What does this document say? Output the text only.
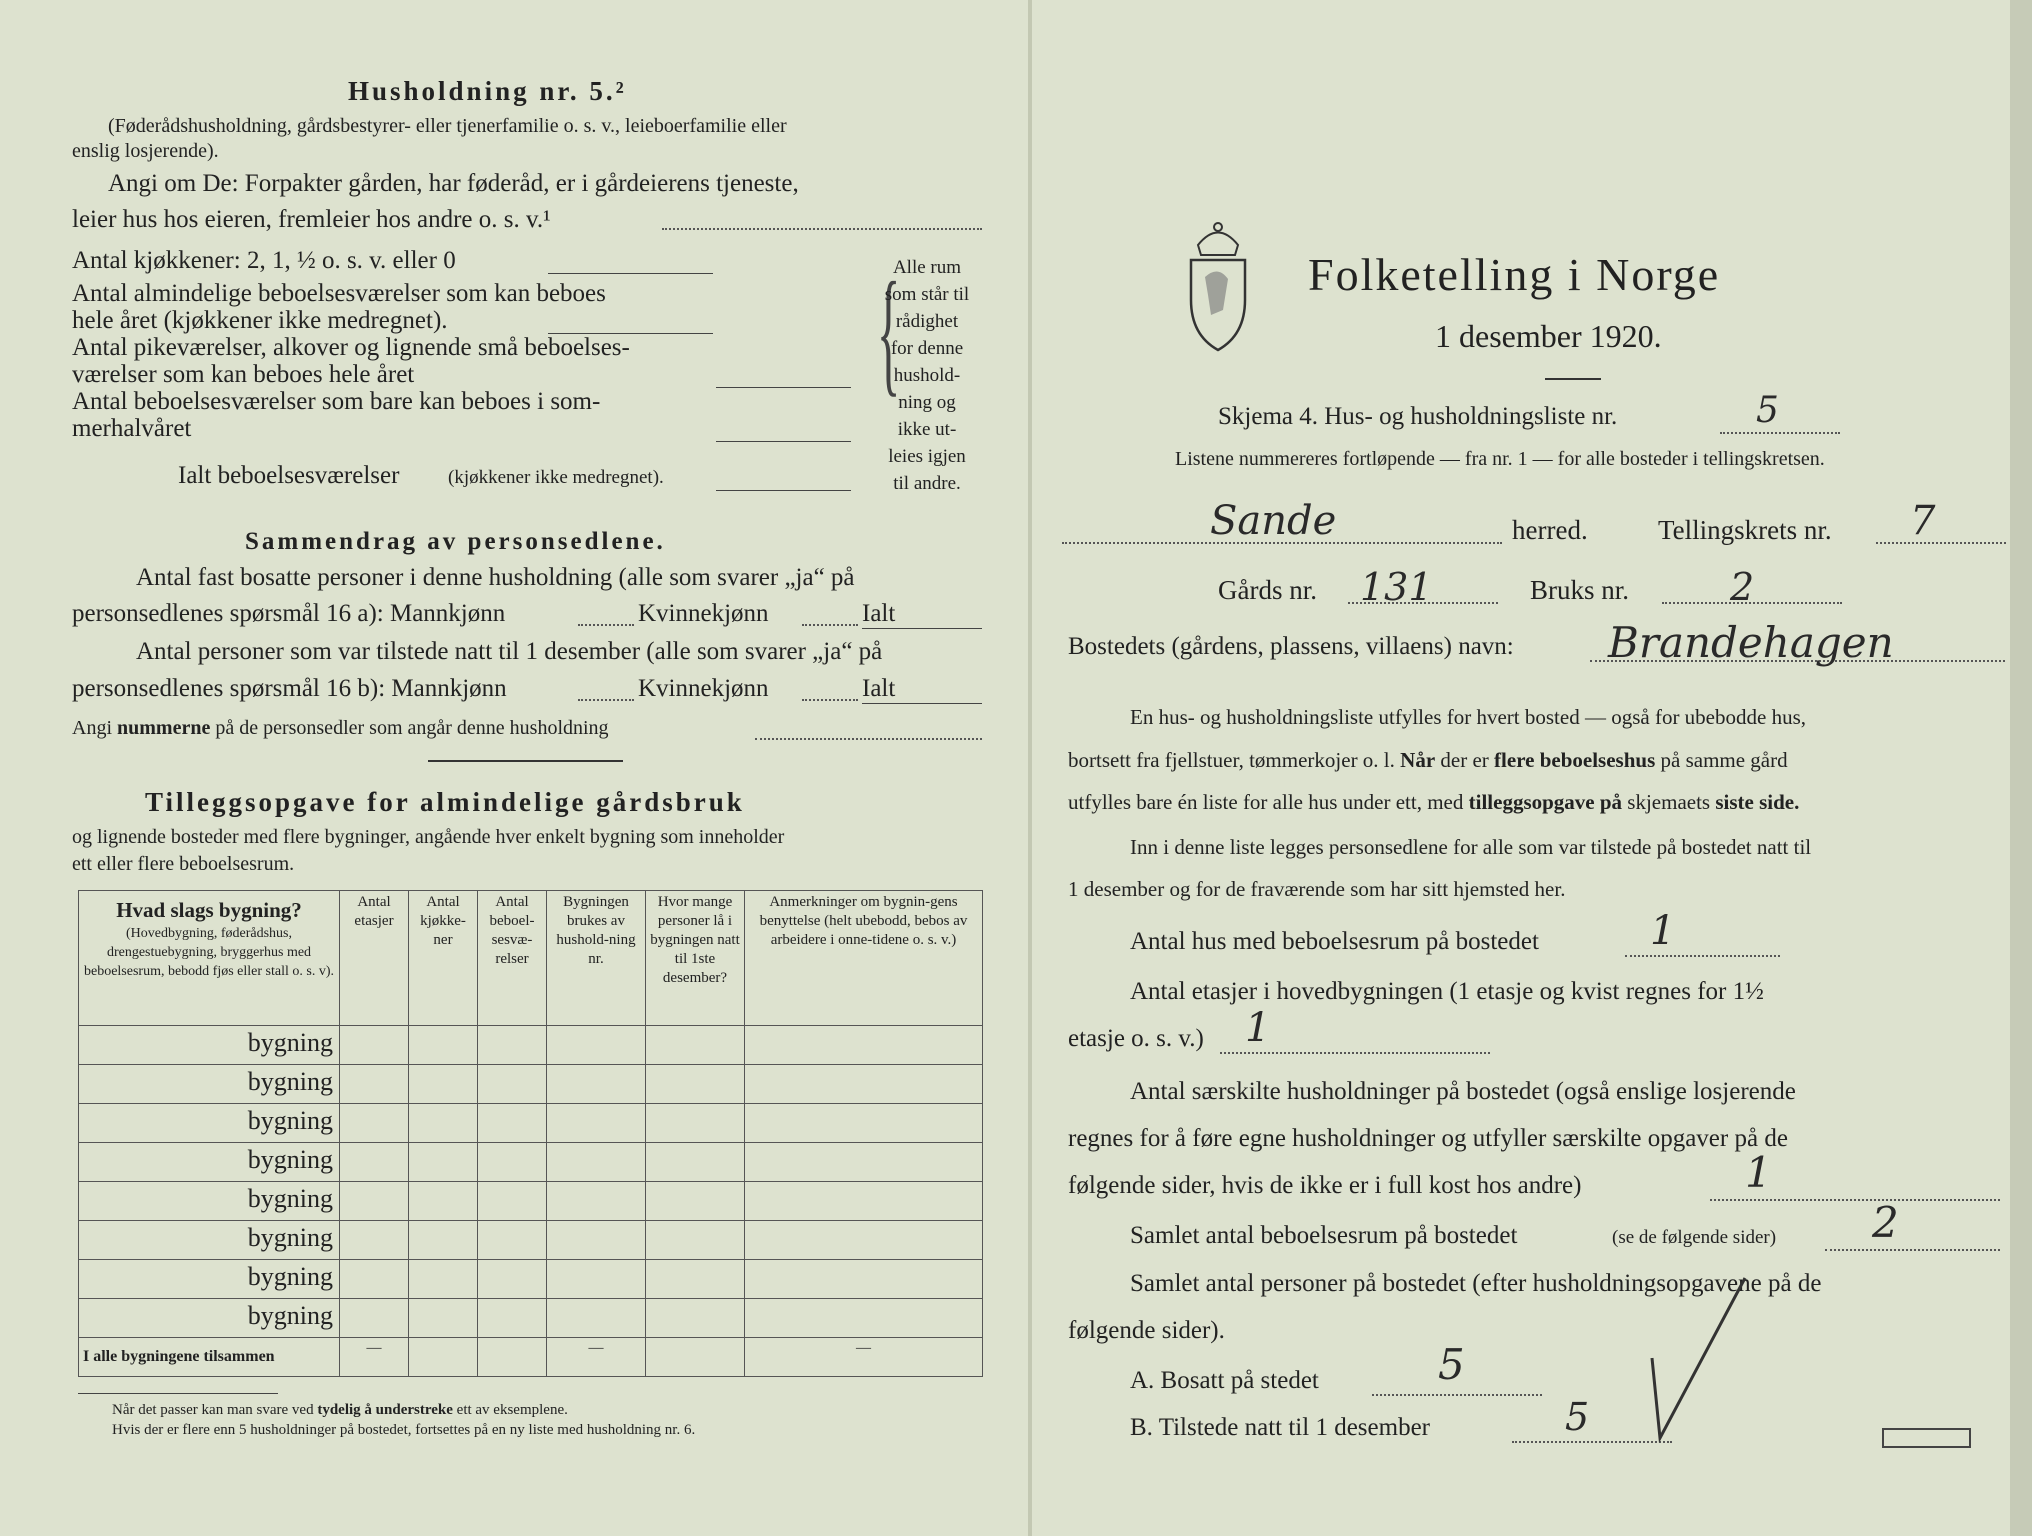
Husholdning nr. 5.²
(Føderådshusholdning, gårdsbestyrer- eller tjenerfamilie o. s. v., leieboerfamilie eller
enslig losjerende).
Angi om De: Forpakter gården, har føderåd, er i gårdeierens tjeneste,
leier hus hos eieren, fremleier hos andre o. s. v.¹
Antal kjøkkener: 2, 1, ½ o. s. v. eller 0
Antal almindelige beboelsesværelser som kan beboes
hele året (kjøkkener ikke medregnet).
Antal pikeværelser, alkover og lignende små beboelses-
værelser som kan beboes hele året
Antal beboelsesværelser som bare kan beboes i som-
merhalvåret
Ialt beboelsesværelser	(kjøkkener ikke medregnet).
{
Alle rum
som står til
rådighet
for denne
hushold-
ning og
ikke ut-
leies igjen
til andre.
Sammendrag av personsedlene.
Antal fast bosatte personer i denne husholdning (alle som svarer „ja“ på
personsedlenes spørsmål 16 a): Mannkjønn	Kvinnekjønn	Ialt
Antal personer som var tilstede natt til 1 desember (alle som svarer „ja“ på
personsedlenes spørsmål 16 b): Mannkjønn	Kvinnekjønn	Ialt
Angi nummerne på de personsedler som angår denne husholdning
Tilleggsopgave for almindelige gårdsbruk
og lignende bosteder med flere bygninger, angående hver enkelt bygning som inneholder
ett eller flere beboelsesrum.
Hvad slags bygning?
(Hovedbygning, føderådshus, drengestuebygning, bryggerhus med beboelsesrum, bebodd fjøs eller stall o. s. v).	Antal etasjer	Antal kjøkke-ner	Antal beboel-sesvæ-relser	Bygningen brukes av hushold-ning nr.	Hvor mange personer lå i bygningen natt til 1ste desember?	Anmerkninger om bygnin-gens benyttelse (helt ubebodd, bebos av arbeidere i onne-tidene o. s. v.)
bygning						
bygning						
bygning						
bygning						
bygning						
bygning						
bygning						
bygning						
I alle bygningene tilsammen	—			—		—
Når det passer kan man svare ved tydelig å understreke ett av eksemplene.
Hvis der er flere enn 5 husholdninger på bostedet, fortsettes på en ny liste med husholdning nr. 6.
Folketelling i Norge
1 desember 1920.
Skjema 4. Hus- og husholdningsliste nr.	5
Listene nummereres fortløpende — fra nr. 1 — for alle bosteder i tellingskretsen.
Sande	herred.	Tellingskrets nr. 7
Gårds nr. 131	Bruks nr.	2
Bostedets (gårdens, plassens, villaens) navn: Brandehagen
En hus- og husholdningsliste utfylles for hvert bosted — også for ubebodde hus,
bortsett fra fjellstuer, tømmerkojer o. l. Når der er flere beboelseshus på samme gård
utfylles bare én liste for alle hus under ett, med tilleggsopgave på skjemaets siste side.
Inn i denne liste legges personsedlene for alle som var tilstede på bostedet natt til
1 desember og for de fraværende som har sitt hjemsted her.
Antal hus med beboelsesrum på bostedet	1
Antal etasjer i hovedbygningen (1 etasje og kvist regnes for 1½
etasje o. s. v.) 1
Antal særskilte husholdninger på bostedet (også enslige losjerende
regnes for å føre egne husholdninger og utfyller særskilte opgaver på de
følgende sider, hvis de ikke er i full kost hos andre)	1
Samlet antal beboelsesrum på bostedet	(se de følgende sider) 2
Samlet antal personer på bostedet (efter husholdningsopgavene på de
følgende sider).
A. Bosatt på stedet	5
B. Tilstede natt til 1 desember	5
